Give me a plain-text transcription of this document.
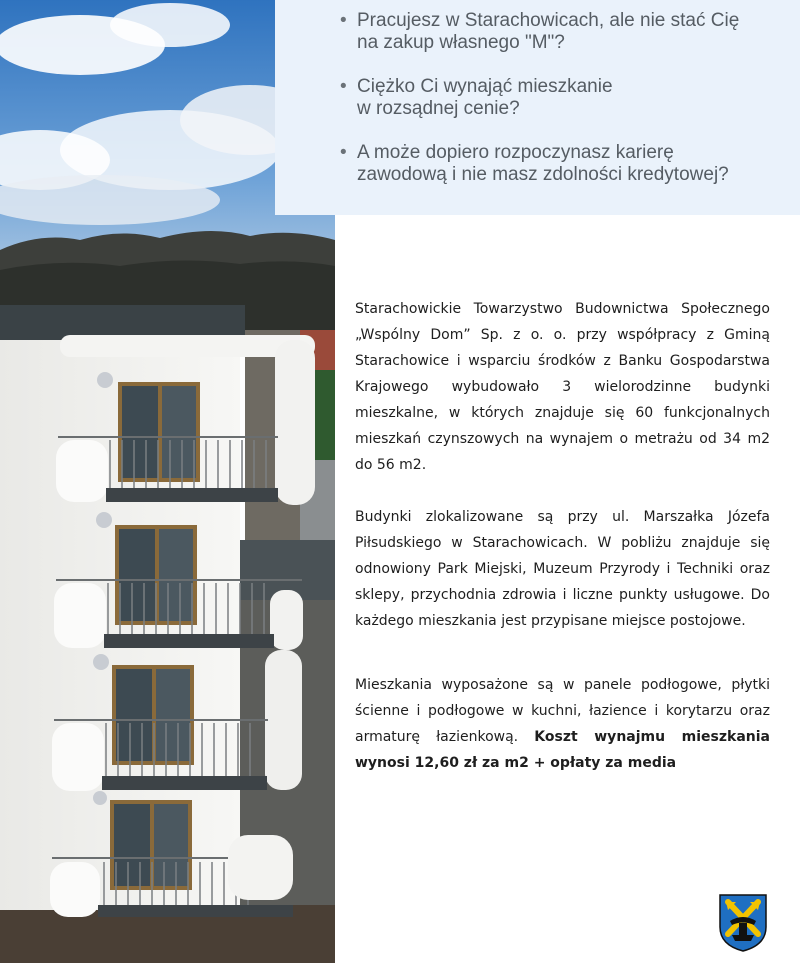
• Pracujesz w Starachowicach, ale nie stać Cię
na zakup własnego "M"?
• Ciężko Ci wynająć mieszkanie
w rozsądnej cenie?
• A może dopiero rozpoczynasz karierę
zawodową i nie masz zdolności kredytowej?

Starachowickie Towarzystwo Budownictwa Społecznego „Wspólny Dom” Sp. z o. o. przy współpracy z Gminą Starachowice i wsparciu środków z Banku Gospodarstwa Krajowego wybudowało 3 wielorodzinne budynki mieszkalne, w których znajduje się 60 funkcjonalnych mieszkań czynszowych na wynajem o metrażu od 34 m2 do 56 m2.

Budynki zlokalizowane są przy ul. Marszałka Józefa Piłsudskiego w Starachowicach. W pobliżu znajduje się odnowiony Park Miejski, Muzeum Przyrody i Techniki oraz sklepy, przychodnia zdrowia i liczne punkty usługowe. Do każdego mieszkania jest przypisane miejsce postojowe.

Mieszkania wyposażone są w panele podłogowe, płytki ścienne i podłogowe w kuchni, łazience i korytarzu oraz armaturę łazienkową. Koszt wynajmu mieszkania wynosi 12,60 zł za m2 + opłaty za media
